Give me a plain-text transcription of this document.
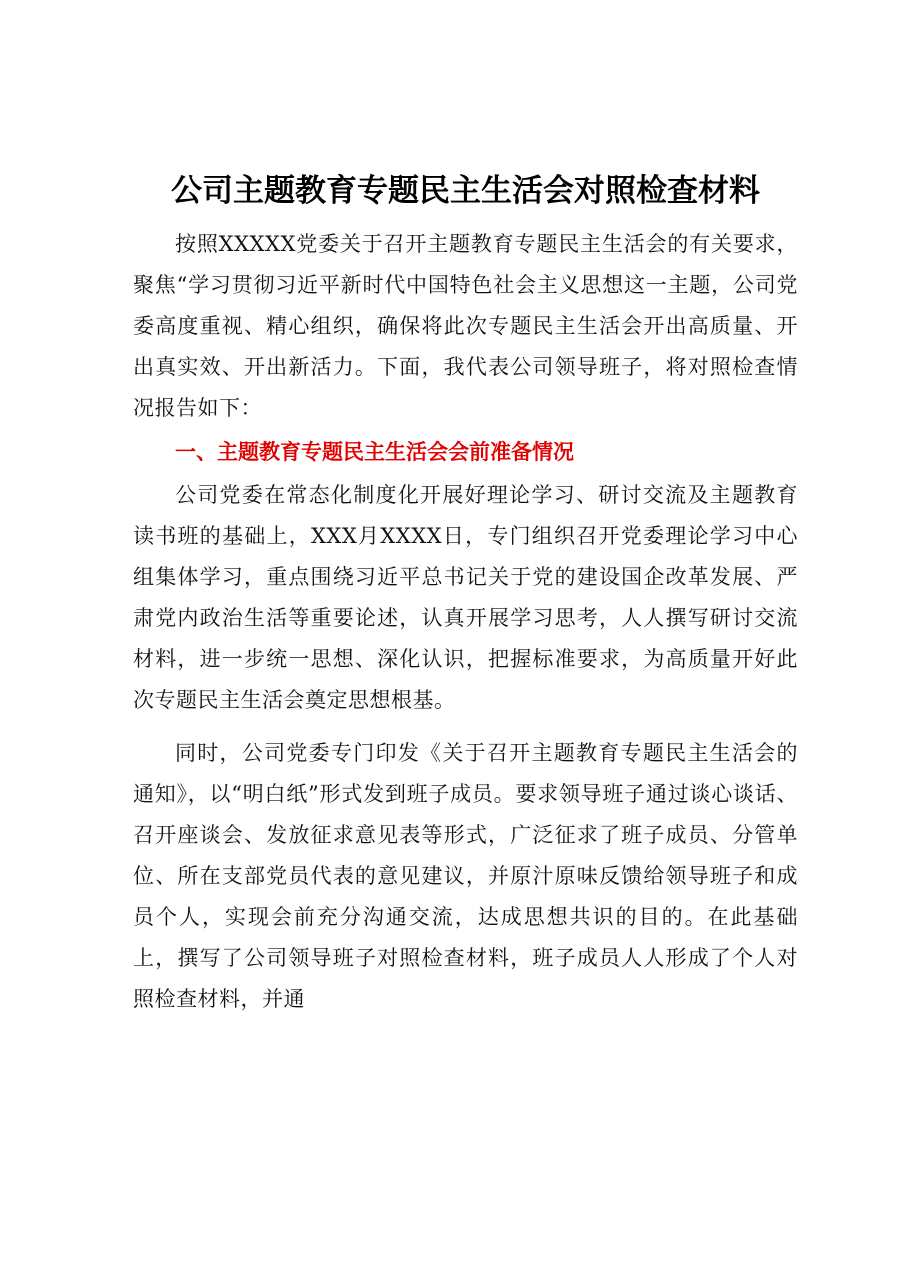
公司主题教育专题民主生活会对照检查材料

按照XXXXX党委关于召开主题教育专题民主生活会的有关要求，聚焦“学习贯彻习近平新时代中国特色社会主义思想这一主题，公司党委高度重视、精心组织，确保将此次专题民主生活会开出高质量、开出真实效、开出新活力。下面，我代表公司领导班子，将对照检查情况报告如下：

一、主题教育专题民主生活会会前准备情况

公司党委在常态化制度化开展好理论学习、研讨交流及主题教育读书班的基础上，XXX月XXXX日，专门组织召开党委理论学习中心组集体学习，重点围绕习近平总书记关于党的建设国企改革发展、严肃党内政治生活等重要论述，认真开展学习思考，人人撰写研讨交流材料，进一步统一思想、深化认识，把握标准要求，为高质量开好此次专题民主生活会奠定思想根基。

同时，公司党委专门印发《关于召开主题教育专题民主生活会的通知》，以“明白纸”形式发到班子成员。要求领导班子通过谈心谈话、召开座谈会、发放征求意见表等形式，广泛征求了班子成员、分管单位、所在支部党员代表的意见建议，并原汁原味反馈给领导班子和成员个人，实现会前充分沟通交流，达成思想共识的目的。在此基础上，撰写了公司领导班子对照检查材料，班子成员人人形成了个人对照检查材料，并通
